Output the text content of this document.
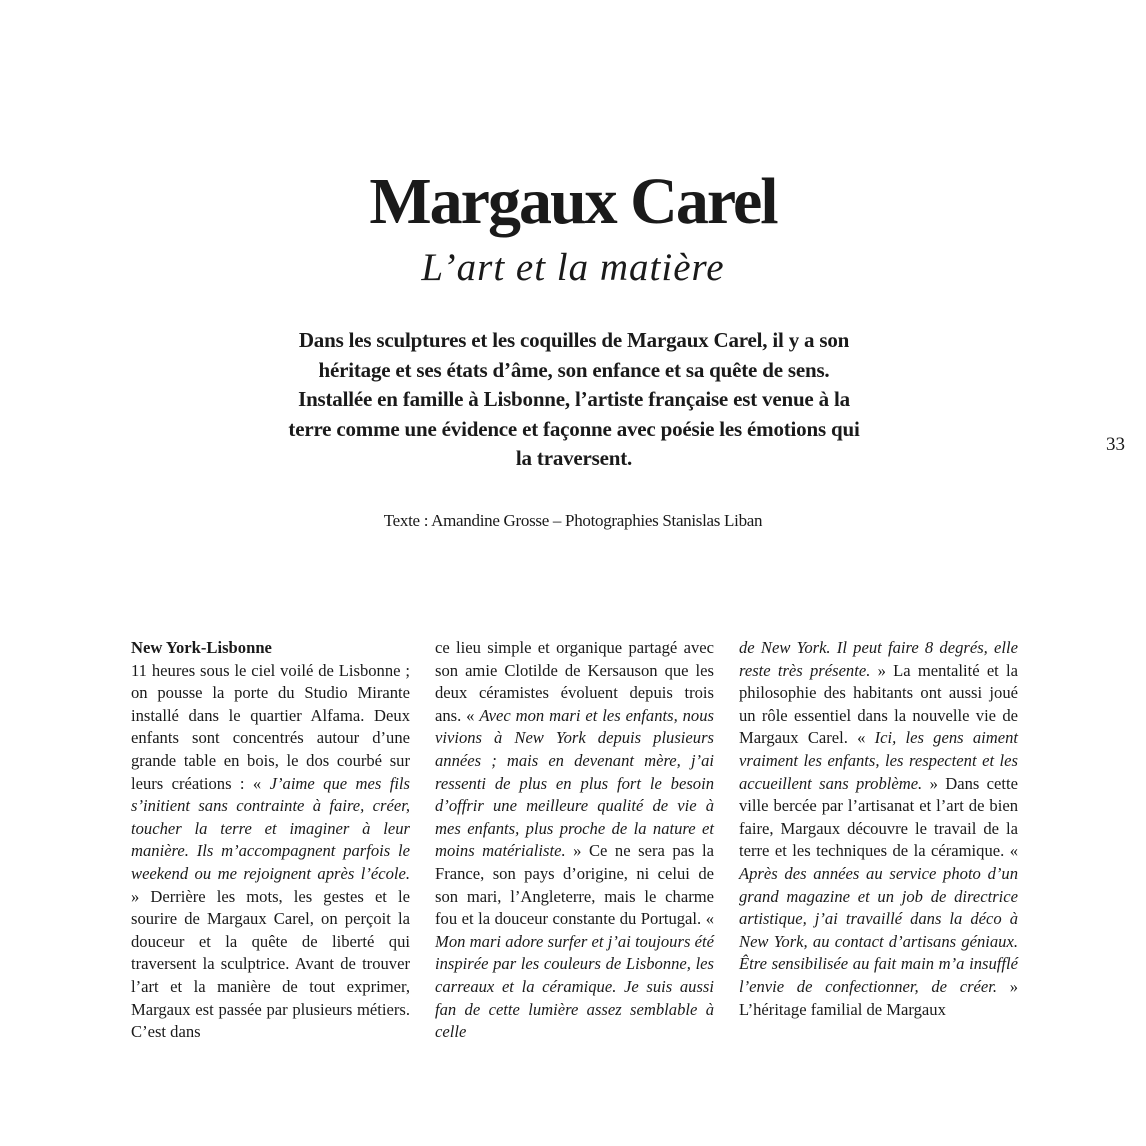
Margaux Carel
L’art et la matière
Dans les sculptures et les coquilles de Margaux Carel, il y a son héritage et ses états d’âme, son enfance et sa quête de sens. Installée en famille à Lisbonne, l’artiste française est venue à la terre comme une évidence et façonne avec poésie les émotions qui la traversent.
Texte : Amandine Grosse – Photographies Stanislas Liban
33
New York-Lisbonne

11 heures sous le ciel voilé de Lisbonne ; on pousse la porte du Studio Mirante installé dans le quartier Alfama. Deux enfants sont concentrés autour d’une grande table en bois, le dos courbé sur leurs créations : « J’aime que mes fils s’initient sans contrainte à faire, créer, toucher la terre et imaginer à leur manière. Ils m’accompagnent parfois le weekend ou me rejoignent après l’école. » Derrière les mots, les gestes et le sourire de Margaux Carel, on perçoit la douceur et la quête de liberté qui traversent la sculptrice. Avant de trouver l’art et la manière de tout exprimer, Margaux est passée par plusieurs métiers. C’est dans

ce lieu simple et organique partagé avec son amie Clotilde de Kersauson que les deux céramistes évoluent depuis trois ans. « Avec mon mari et les enfants, nous vivions à New York depuis plusieurs années ; mais en devenant mère, j’ai ressenti de plus en plus fort le besoin d’offrir une meilleure qualité de vie à mes enfants, plus proche de la nature et moins matérialiste. » Ce ne sera pas la France, son pays d’origine, ni celui de son mari, l’Angleterre, mais le charme fou et la douceur constante du Portugal. « Mon mari adore surfer et j’ai toujours été inspirée par les couleurs de Lisbonne, les carreaux et la céramique. Je suis aussi fan de cette lumière assez semblable à celle

de New York. Il peut faire 8 degrés, elle reste très présente. » La mentalité et la philosophie des habitants ont aussi joué un rôle essentiel dans la nouvelle vie de Margaux Carel. « Ici, les gens aiment vraiment les enfants, les respectent et les accueillent sans problème. » Dans cette ville bercée par l’artisanat et l’art de bien faire, Margaux découvre le travail de la terre et les techniques de la céramique. « Après des années au service photo d’un grand magazine et un job de directrice artistique, j’ai travaillé dans la déco à New York, au contact d’artisans géniaux. Être sensibilisée au fait main m’a insufflé l’envie de confectionner, de créer. » L’héritage familial de Margaux
